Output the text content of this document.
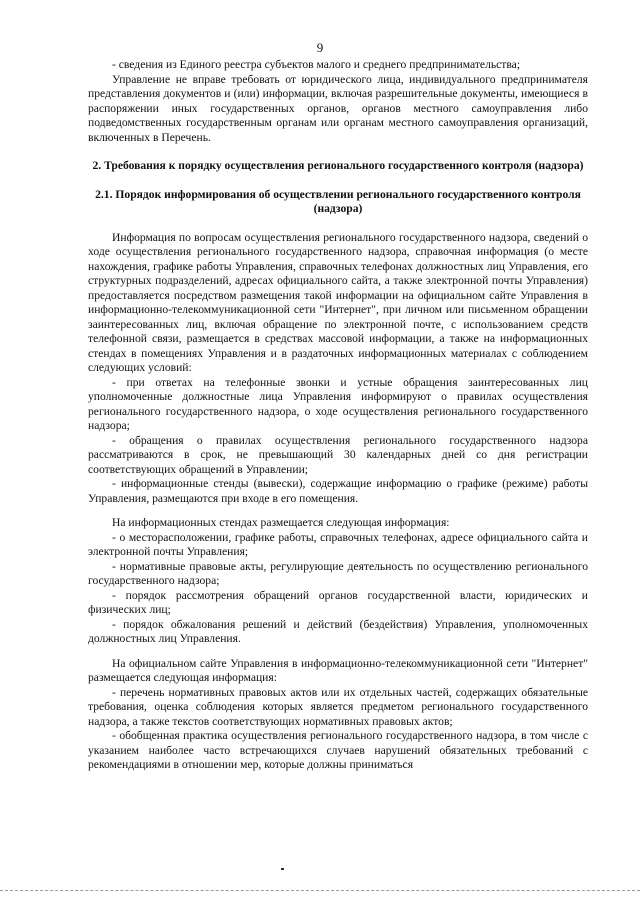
9

- сведения из Единого реестра субъектов малого и среднего предпринимательства;

Управление не вправе требовать от юридического лица, индивидуального предпринимателя представления документов и (или) информации, включая разрешительные документы, имеющиеся в распоряжении иных государственных органов, органов местного самоуправления либо подведомственных государственным органам или органам местного самоуправления организаций, включенных в Перечень.

2. Требования к порядку осуществления регионального государственного контроля (надзора)

2.1. Порядок информирования об осуществлении регионального государственного контроля (надзора)

Информация по вопросам осуществления регионального государственного надзора, сведений о ходе осуществления регионального государственного надзора, справочная информация (о месте нахождения, графике работы Управления, справочных телефонах должностных лиц Управления, его структурных подразделений, адресах официального сайта, а также электронной почты Управления) предоставляется посредством размещения такой информации на официальном сайте Управления в информационно-телекоммуникационной сети "Интернет", при личном или письменном обращении заинтересованных лиц, включая обращение по электронной почте, с использованием средств телефонной связи, размещается в средствах массовой информации, а также на информационных стендах в помещениях Управления и в раздаточных информационных материалах с соблюдением следующих условий:

- при ответах на телефонные звонки и устные обращения заинтересованных лиц уполномоченные должностные лица Управления информируют о правилах осуществления регионального государственного надзора, о ходе осуществления регионального государственного надзора;

- обращения о правилах осуществления регионального государственного надзора рассматриваются в срок, не превышающий 30 календарных дней со дня регистрации соответствующих обращений в Управлении;

- информационные стенды (вывески), содержащие информацию о графике (режиме) работы Управления, размещаются при входе в его помещения.

На информационных стендах размещается следующая информация:

- о месторасположении, графике работы, справочных телефонах, адресе официального сайта и электронной почты Управления;

- нормативные правовые акты, регулирующие деятельность по осуществлению регионального государственного надзора;

- порядок рассмотрения обращений органов государственной власти, юридических и физических лиц;

- порядок обжалования решений и действий (бездействия) Управления, уполномоченных должностных лиц Управления.

На официальном сайте Управления в информационно-телекоммуникационной сети "Интернет" размещается следующая информация:

- перечень нормативных правовых актов или их отдельных частей, содержащих обязательные требования, оценка соблюдения которых является предметом регионального государственного надзора, а также текстов соответствующих нормативных правовых актов;

- обобщенная практика осуществления регионального государственного надзора, в том числе с указанием наиболее часто встречающихся случаев нарушений обязательных требований с рекомендациями в отношении мер, которые должны приниматься
